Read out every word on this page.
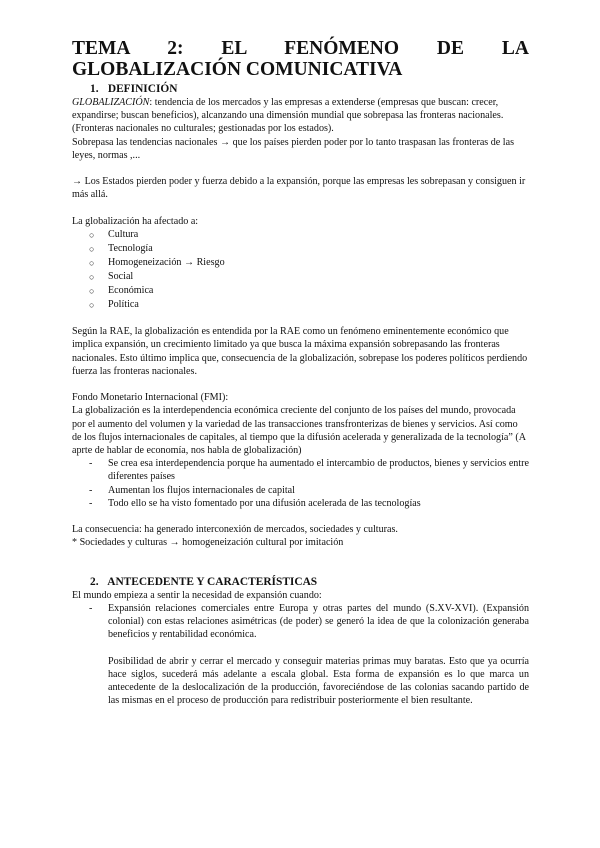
TEMA 2: EL FENÓMENO DE LA
GLOBALIZACIÓN COMUNICATIVA
1. DEFINICIÓN

GLOBALIZACIÓN: tendencia de los mercados y las empresas a extenderse (empresas que buscan: crecer, expandirse; buscan beneficios), alcanzando una dimensión mundial que sobrepasa las fronteras nacionales. (Fronteras nacionales no culturales; gestionadas por los estados).

Sobrepasa las tendencias nacionales → que los países pierden poder por lo tanto traspasan las fronteras de las leyes, normas ,...

→ Los Estados pierden poder y fuerza debido a la expansión, porque las empresas les sobrepasan y consiguen ir más allá.

La globalización ha afectado a:

○ Cultura
○ Tecnología
○ Homogeneización → Riesgo
○ Social
○ Económica
○ Política

Según la RAE, la globalización es entendida por la RAE como un fenómeno eminentemente económico que implica expansión, un crecimiento limitado ya que busca la máxima expansión sobrepasando las fronteras nacionales. Esto último implica que, consecuencia de la globalización, sobrepase los poderes políticos perdiendo fuerza las fronteras nacionales.

Fondo Monetario Internacional (FMI):

La globalización es la interdependencia económica creciente del conjunto de los países del mundo, provocada por el aumento del volumen y la variedad de las transacciones transfronterizas de bienes y servicios. Así como de los flujos internacionales de capitales, al tiempo que la difusión acelerada y generalizada de la tecnología” (A aprte de hablar de economía, nos habla de globalización)

- Se crea esa interdependencia porque ha aumentado el intercambio de productos, bienes y servicios entre diferentes países
- Aumentan los flujos internacionales de capital
- Todo ello se ha visto fomentado por una difusión acelerada de las tecnologías

La consecuencia: ha generado interconexión de mercados, sociedades y culturas.

* Sociedades y culturas → homogeneización cultural por imitación

2. ANTECEDENTE Y CARACTERÍSTICAS

El mundo empieza a sentir la necesidad de expansión cuando:

- Expansión relaciones comerciales entre Europa y otras partes del mundo (S.XV-XVI). (Expansión colonial) con estas relaciones asimétricas (de poder) se generó la idea de que la colonización generaba beneficios y rentabilidad económica.

Posibilidad de abrir y cerrar el mercado y conseguir materias primas muy baratas. Esto que ya ocurría hace siglos, sucederá más adelante a escala global. Esta forma de expansión es lo que marca un antecedente de la deslocalización de la producción, favoreciéndose de las colonias sacando partido de las mismas en el proceso de producción para redistribuir posteriormente el bien resultante.
